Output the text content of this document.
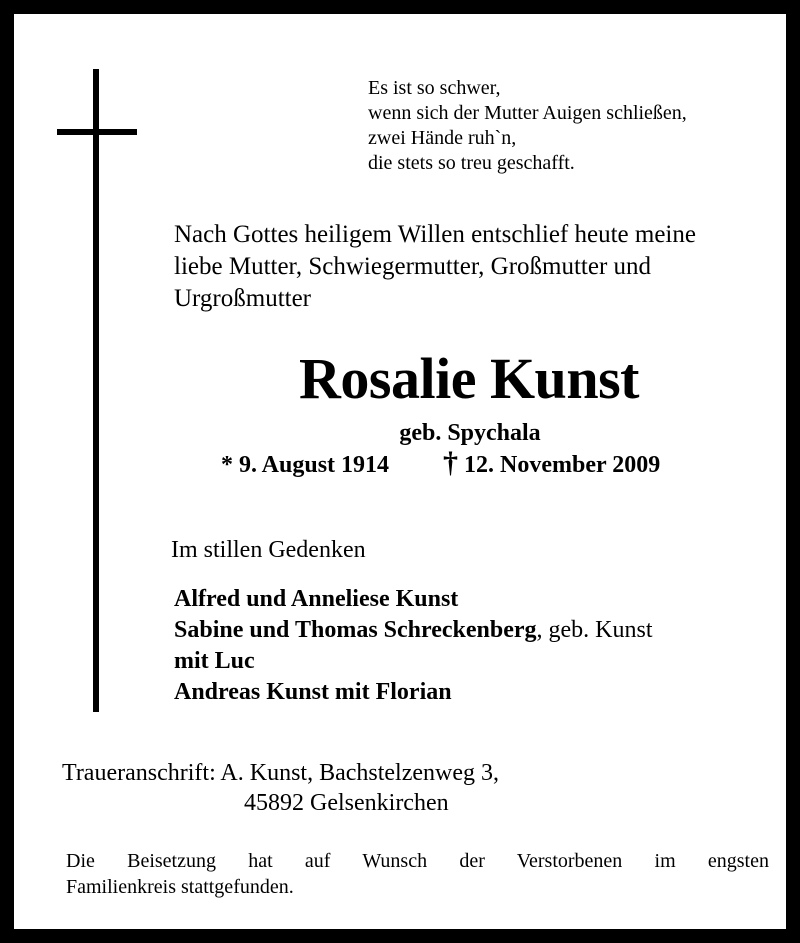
Es ist so schwer,
wenn sich der Mutter Auigen schließen,
zwei Hände ruh`n,
die stets so treu geschafft.
Nach Gottes heiligem Willen entschlief heute meine
liebe Mutter, Schwiegermutter, Großmutter und
Urgroßmutter
Rosalie Kunst
geb. Spychala
* 9. August 1914 † 12. November 2009
Im stillen Gedenken
Alfred und Anneliese Kunst
Sabine und Thomas Schreckenberg, geb. Kunst
mit Luc
Andreas Kunst mit Florian
Traueranschrift: A. Kunst, Bachstelzenweg 3,
45892 Gelsenkirchen
Die Beisetzung hat auf Wunsch der Verstorbenen im engsten
Familienkreis stattgefunden.
